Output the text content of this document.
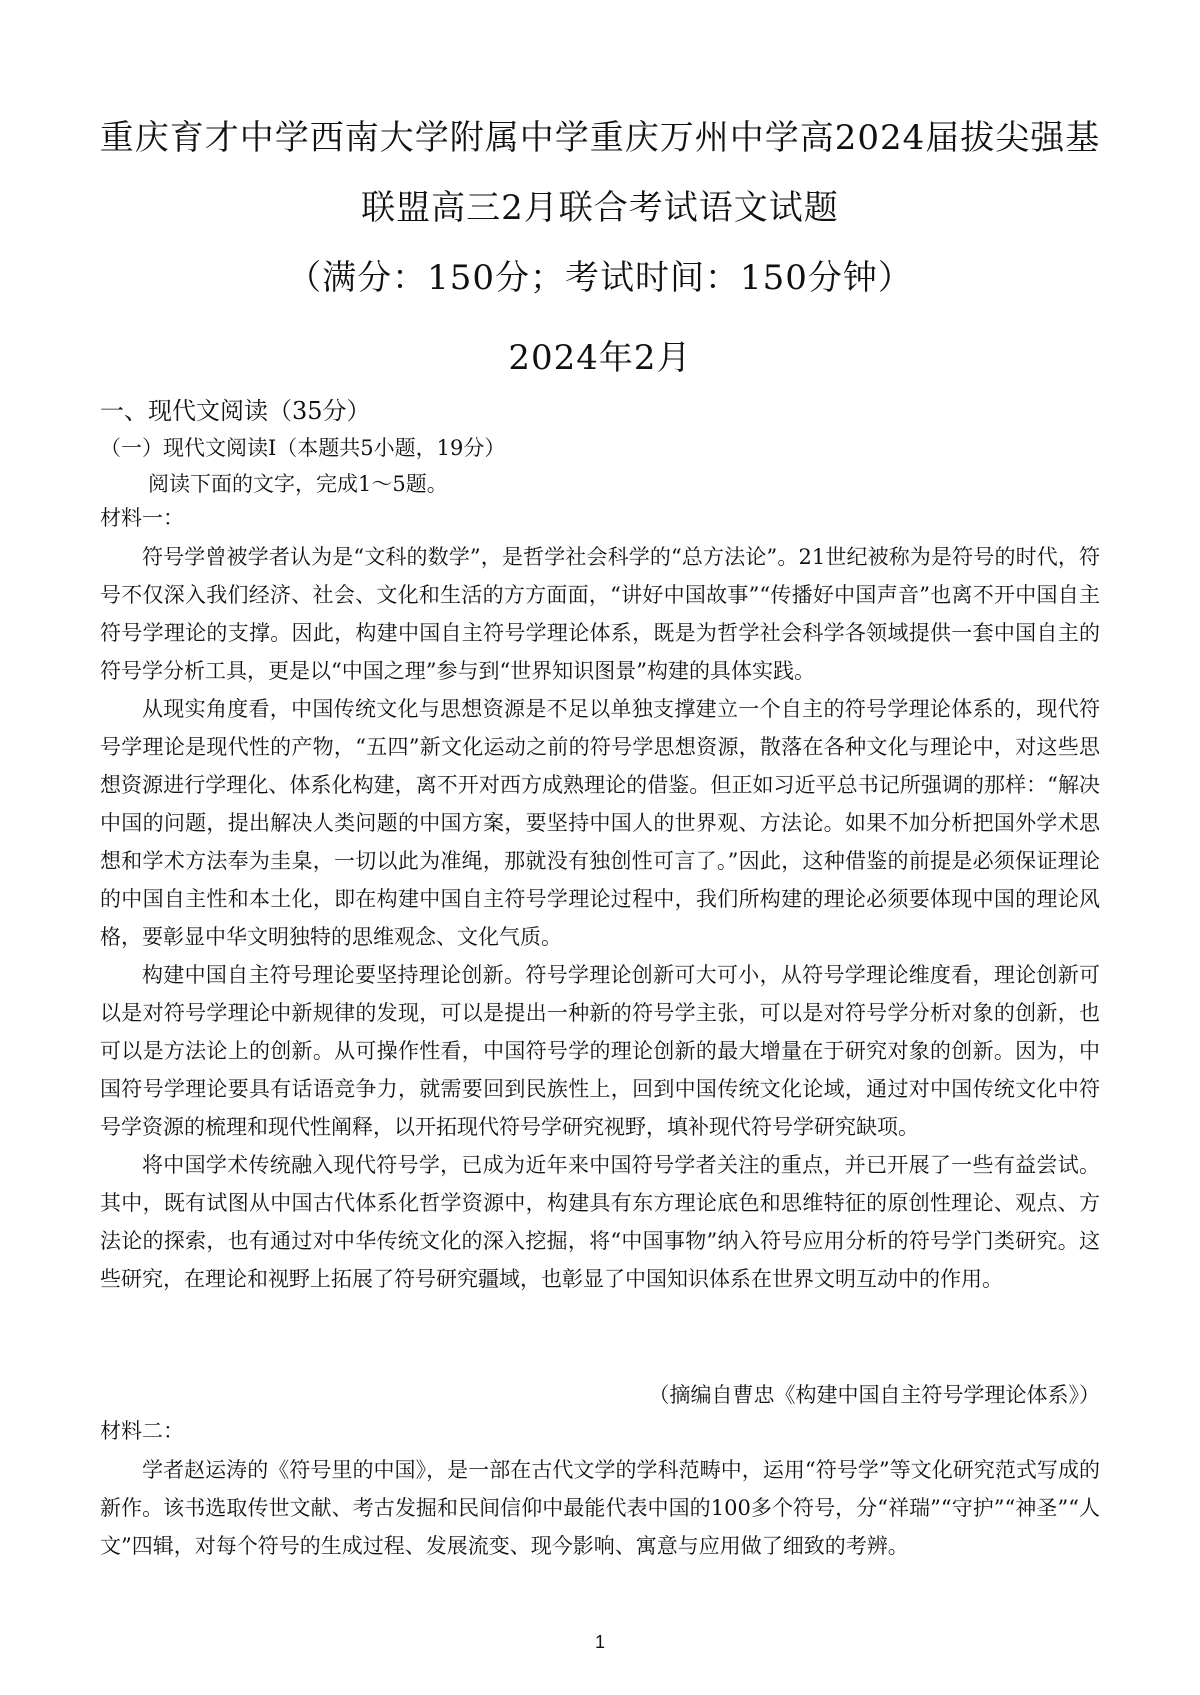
重庆育才中学西南大学附属中学重庆万州中学高2024届拔尖强基
联盟高三2月联合考试语文试题
（满分：150分；考试时间：150分钟）
2024年2月
一、现代文阅读（35分）
（一）现代文阅读Ⅰ（本题共5小题，19分）
阅读下面的文字，完成1～5题。
材料一：

符号学曾被学者认为是“文科的数学”，是哲学社会科学的“总方法论”。21世纪被称为是符号的时代，符号不仅深入我们经济、社会、文化和生活的方方面面，“讲好中国故事”“传播好中国声音”也离不开中国自主符号学理论的支撑。因此，构建中国自主符号学理论体系，既是为哲学社会科学各领域提供一套中国自主的符号学分析工具，更是以“中国之理”参与到“世界知识图景”构建的具体实践。

从现实角度看，中国传统文化与思想资源是不足以单独支撑建立一个自主的符号学理论体系的，现代符号学理论是现代性的产物，“五四”新文化运动之前的符号学思想资源，散落在各种文化与理论中，对这些思想资源进行学理化、体系化构建，离不开对西方成熟理论的借鉴。但正如习近平总书记所强调的那样：“解决中国的问题，提出解决人类问题的中国方案，要坚持中国人的世界观、方法论。如果不加分析把国外学术思想和学术方法奉为圭臬，一切以此为准绳，那就没有独创性可言了。”因此，这种借鉴的前提是必须保证理论的中国自主性和本土化，即在构建中国自主符号学理论过程中，我们所构建的理论必须要体现中国的理论风格，要彰显中华文明独特的思维观念、文化气质。

构建中国自主符号理论要坚持理论创新。符号学理论创新可大可小，从符号学理论维度看，理论创新可以是对符号学理论中新规律的发现，可以是提出一种新的符号学主张，可以是对符号学分析对象的创新，也可以是方法论上的创新。从可操作性看，中国符号学的理论创新的最大增量在于研究对象的创新。因为，中国符号学理论要具有话语竞争力，就需要回到民族性上，回到中国传统文化论域，通过对中国传统文化中符号学资源的梳理和现代性阐释，以开拓现代符号学研究视野，填补现代符号学研究缺项。

将中国学术传统融入现代符号学，已成为近年来中国符号学者关注的重点，并已开展了一些有益尝试。其中，既有试图从中国古代体系化哲学资源中，构建具有东方理论底色和思维特征的原创性理论、观点、方法论的探索，也有通过对中华传统文化的深入挖掘，将“中国事物”纳入符号应用分析的符号学门类研究。这些研究，在理论和视野上拓展了符号研究疆域，也彰显了中国知识体系在世界文明互动中的作用。

（摘编自曹忠《构建中国自主符号学理论体系》）
材料二：

学者赵运涛的《符号里的中国》，是一部在古代文学的学科范畴中，运用“符号学”等文化研究范式写成的新作。该书选取传世文献、考古发掘和民间信仰中最能代表中国的100多个符号，分“祥瑞”“守护”“神圣”“人文”四辑，对每个符号的生成过程、发展流变、现今影响、寓意与应用做了细致的考辨。

1
